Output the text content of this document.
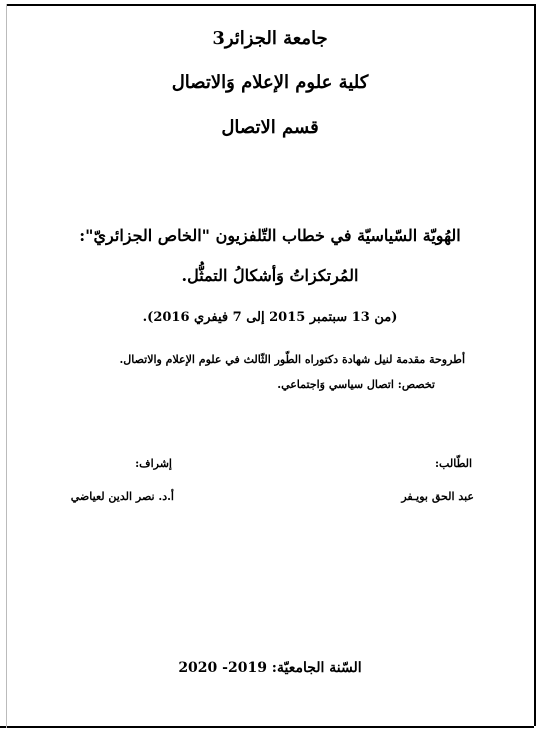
جامعة الجزائر3
كلية علوم الإعلام وَالاتصال
قسم الاتصال
الهُويّة السّياسيّة في خطاب التّلفزيون "الخاص الجزائريّ":
المُرتكزاتُ وَأشكالُ التمثُّل.
(من 13 سبتمبر 2015 إلى 7 فيفري 2016).
أطروحة مقدمة لنيل شهادة دكتوراه الطّور الثّالث في علوم الإعلام والاتصال.
تخصص: اتصال سياسي وَاجتماعي.
الطّالب:
عبد الحق بويـفر
إشراف:
أ.د. نصر الدين لعياضي
السّنة الجامعيّة: 2019- 2020
